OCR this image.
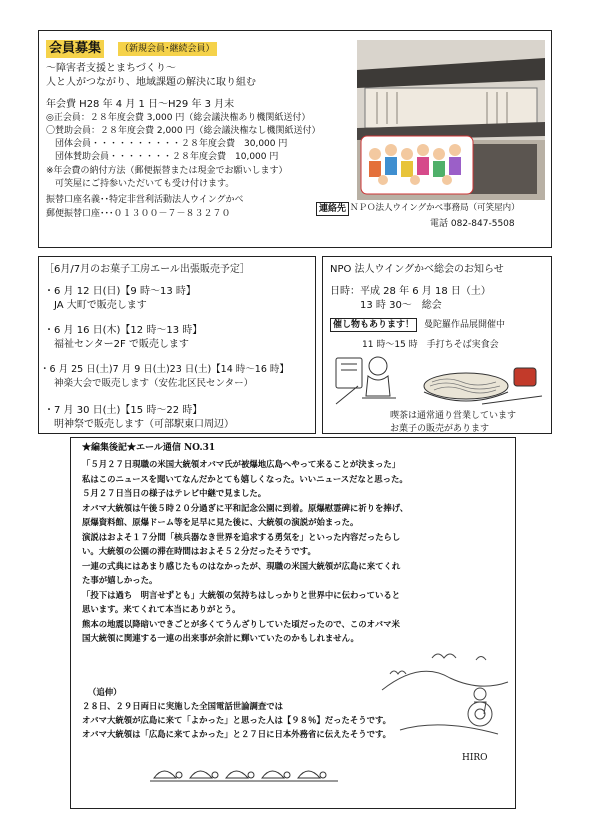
会員募集	（新規会員･継続会員）
～障害者支援とまちづくり～
人と人がつながり、地域課題の解決に取り組む
年会費 H28 年 4 月 1 日～H29 年 3 月末
◎正会員：２８年度会費 3,000 円（総会議決権あり機関紙送付）
〇賛助会員：２８年度会費 2,000 円（総会議決権なし機関紙送付）
　団体会員・・・・・・・・・・２８年度会費　30,000 円
　団体賛助会員・・・・・・・２８年度会費　10,000 円
※年会費の納付方法（郵便振替または現金でお願いします）
　可笑屋にご持参いただいても受け付けます。
振替口座名義･･特定非営利活動法人ウイングかべ
郵便振替口座･･･０１３００－７－８３２７０	連絡先 ＮＰＯ法人ウイングかべ事務局（可笑屋内）
電話 082-847-5508
［6月/7月のお菓子工房エール出張販売予定］
・6 月 12 日(日)【9 時～13 時】
JA 大町で販売します
・6 月 16 日(木)【12 時～13 時】
福祉センター2F で販売します
・6 月 25 日(土)7 月 9 日(土)23 日(土)【14 時～16 時】
神楽大会で販売します（安佐北区民センター）
・7 月 30 日(土)【15 時～22 時】
明神祭で販売します（可部駅東口周辺）
NPO 法人ウイングかべ総会のお知らせ
日時：平成 28 年 6 月 18 日（土）
　　　13 時 30～　総会
催し物もあります！	曼陀羅作品展開催中
11 時～15 時　手打ちそば実食会
喫茶は通常通り営業しています
お菓子の販売があります
★編集後記★エール通信 NO.31
「５月２７日現職の米国大統領オバマ氏が被爆地広島へやって来ることが決まった」
私はこのニュースを聞いてなんだかとても嬉しくなった。いいニュースだなと思った。
５月２７日当日の様子はテレビ中継で見ました。
オバマ大統領は午後５時２０分過ぎに平和記念公園に到着。原爆慰霊碑に祈りを捧げ、
原爆資料館、原爆ドーム等を足早に見た後に、大統領の演説が始まった。
演説はおよそ１７分間「核兵器なき世界を追求する勇気を」といった内容だったらし
い。大統領の公園の滞在時間はおよそ５２分だったそうです。
一連の式典にはあまり感じたものはなかったが、現職の米国大統領が広島に来てくれ
た事が嬉しかった。
「投下は過ち　明言せずとも」大統領の気持ちはしっかりと世界中に伝わっていると
思います。来てくれて本当にありがとう。
熊本の地震以降暗いできごとが多くてうんざりしていた頃だったので、このオバマ米
国大統領に関連する一連の出来事が余計に輝いていたのかもしれません。
（追伸）
２８日、２９日両日に実施した全国電話世論調査では
オバマ大統領が広島に来て「よかった」と思った人は【９８％】だったそうです。
オバマ大統領は「広島に来てよかった」と２７日に日本外務省に伝えたそうです。
HIRO
